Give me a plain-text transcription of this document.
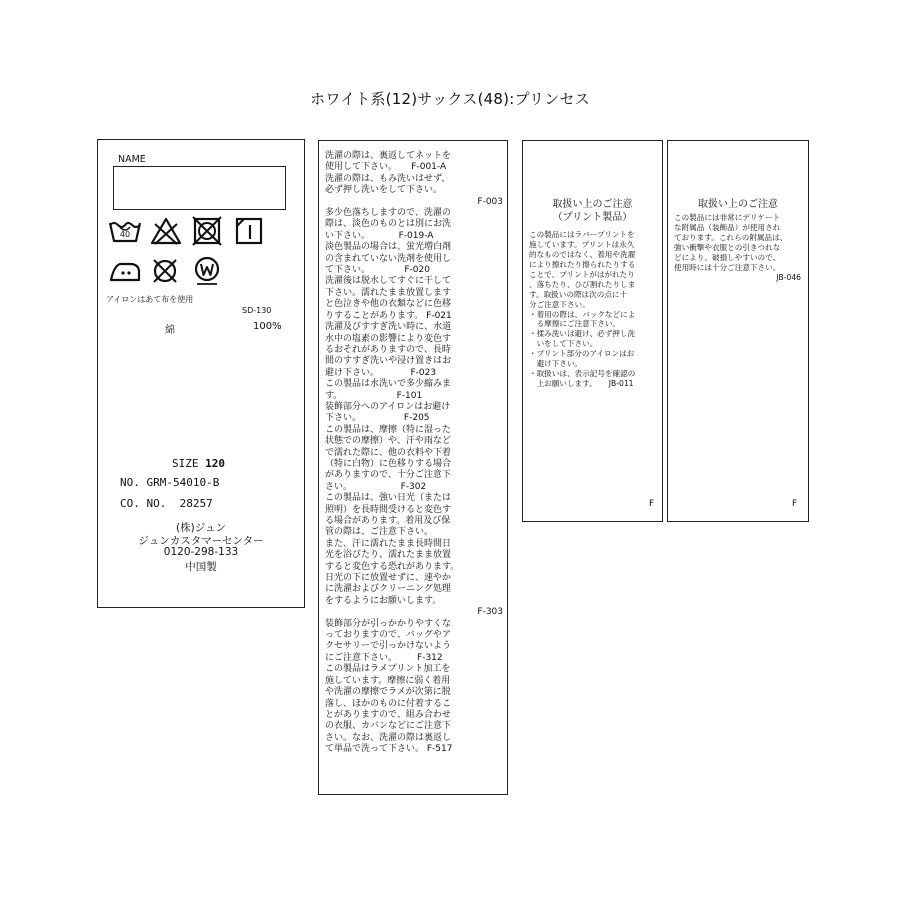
ホワイト系(12)サックス(48):プリンセス
NAME
40
アイロンはあて布を使用
SD-130
綿	100%
SIZE 120
NO. GRM-54010-B
CO. NO.  28257
(株)ジュン
ジュンカスタマーセンター
0120-298-133
中国製
洗濯の際は、裏返してネットを
使用して下さい。     F-001-A
洗濯の際は、もみ洗いはせず、
必ず押し洗いをして下さい。
F-003
多少色落ちしますので、洗濯の
際は、淡色のものとは別にお洗
い下さい。          F-019-A
淡色製品の場合は、蛍光増白剤
の含まれていない洗剤を使用し
て下さい。            F-020
洗濯後は脱水してすぐに干して
下さい。濡れたまま放置します
と色泣きや他の衣類などに色移
りすることがあります。 F-021
洗濯及びすすぎ洗い時に、水道
水中の塩素の影響により変色す
るおそれがありますので、長時
間のすすぎ洗いや浸け置きはお
避け下さい。           F-023
この製品は水洗いで多少縮みま
す。                   F-101
装飾部分へのアイロンはお避け
下さい。               F-205
この製品は、摩擦（特に湿った
状態での摩擦）や、汗や雨など
で濡れた際に、他の衣料や下着
（特に白物）に色移りする場合
がありますので、十分ご注意下
さい。                 F-302
この製品は、強い日光（または
照明）を長時間受けると変色す
る場合があります。着用及び保
管の際は、ご注意下さい。
また、汗に濡れたまま長時間日
光を浴びたり、濡れたまま放置
すると変色する恐れがあります。
日光の下に放置せずに、速やか
に洗濯およびクリーニング処理
をするようにお願いします。
F-303
装飾部分が引っかかりやすくな
っておりますので、バッグやア
クセサリーで引っかけないよう
にご注意下さい。       F-312
この製品はラメプリント加工を
施しています。摩擦に弱く着用
や洗濯の摩擦でラメが次第に脱
落し、ほかのものに付着するこ
とがありますので、組み合わせ
の衣服、カバンなどにご注意下
さい。なお、洗濯の際は裏返し
て単品で洗って下さい。 F-517
取扱い上のご注意
（プリント製品）
この製品にはラバープリントを
施しています。プリントは永久
的なものではなく、着用や洗濯
により擦れたり擦られたりする
ことで、プリントがはがれたり
、落ちたり、ひび割れたりしま
す。取扱いの際は次の点に十
分ご注意下さい。
・着用の際は、バックなどによ
　る摩擦にご注意下さい。
・揉み洗いは避け、必ず押し洗
　いをして下さい。
・プリント部分のアイロンはお
　避け下さい。
・取扱いは、表示記号を確認の
　上お願いします。     JB-011
F
取扱い上のご注意
この製品には非常にデリケート
な附属品（装飾品）が使用され
ております。これらの附属品は、
強い衝撃や衣服との引きつれな
どにより、破損しやすいので、
使用時には十分ご注意下さい。
JB-046
F
